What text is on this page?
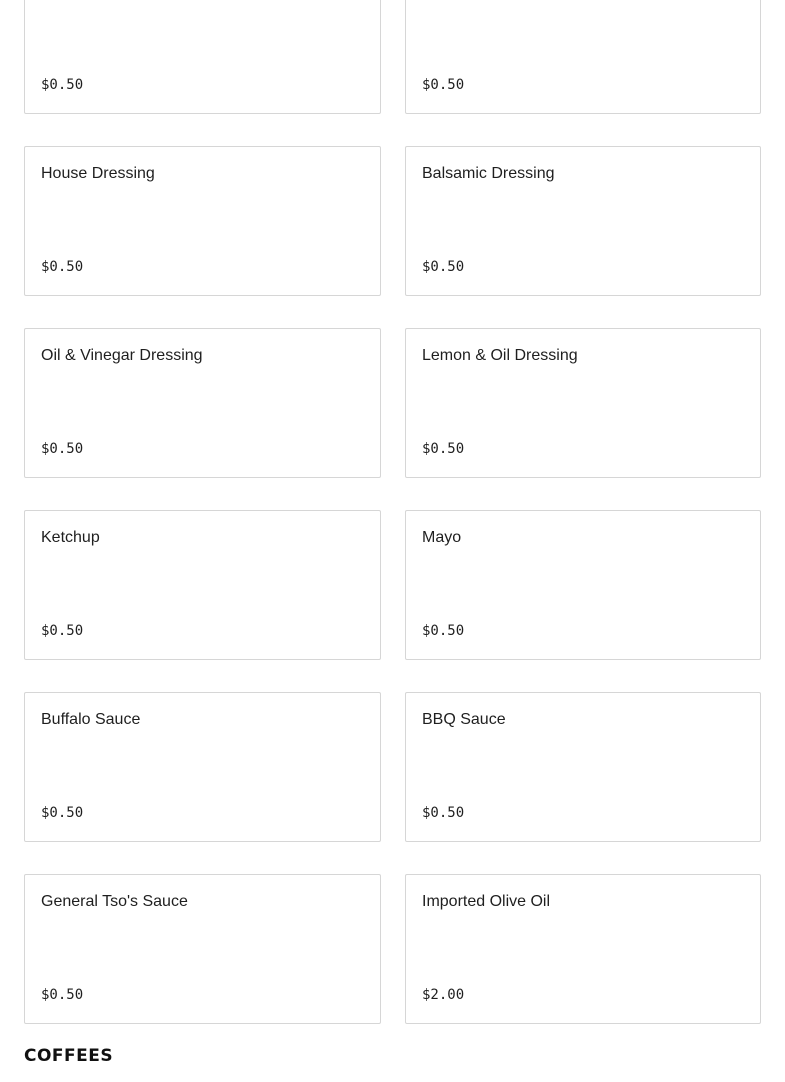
$0.50	$0.50
House Dressing
$0.50
Balsamic Dressing
$0.50
Oil & Vinegar Dressing
$0.50
Lemon & Oil Dressing
$0.50
Ketchup
$0.50
Mayo
$0.50
Buffalo Sauce
$0.50
BBQ Sauce
$0.50
General Tso's Sauce
$0.50
Imported Olive Oil
$2.00
COFFEES
